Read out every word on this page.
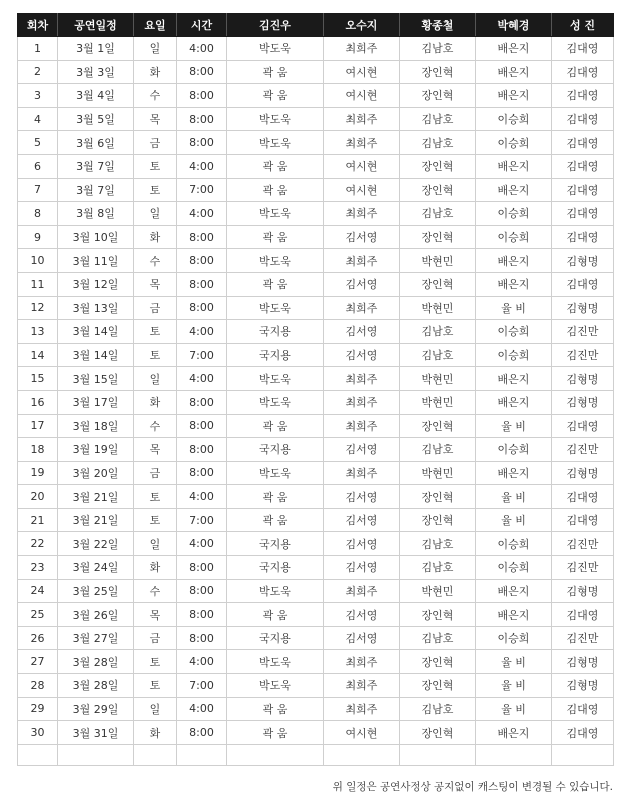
회차	공연일정	요일	시간	김진우	오수지	황종철	박혜경	성 진
1	3월 1일	일	4:00	박도욱	최희주	김남호	배은지	김대영
2	3월 3일	화	8:00	곽 움	여시현	장인혁	배은지	김대영
3	3월 4일	수	8:00	곽 움	여시현	장인혁	배은지	김대영
4	3월 5일	목	8:00	박도욱	최희주	김남호	이승희	김대영
5	3월 6일	금	8:00	박도욱	최희주	김남호	이승희	김대영
6	3월 7일	토	4:00	곽 움	여시현	장인혁	배은지	김대영
7	3월 7일	토	7:00	곽 움	여시현	장인혁	배은지	김대영
8	3월 8일	일	4:00	박도욱	최희주	김남호	이승희	김대영
9	3월 10일	화	8:00	곽 움	김서영	장인혁	이승희	김대영
10	3월 11일	수	8:00	박도욱	최희주	박현민	배은지	김형명
11	3월 12일	목	8:00	곽 움	김서영	장인혁	배은지	김대영
12	3월 13일	금	8:00	박도욱	최희주	박현민	율 비	김형명
13	3월 14일	토	4:00	국지용	김서영	김남호	이승희	김진만
14	3월 14일	토	7:00	국지용	김서영	김남호	이승희	김진만
15	3월 15일	일	4:00	박도욱	최희주	박현민	배은지	김형명
16	3월 17일	화	8:00	박도욱	최희주	박현민	배은지	김형명
17	3월 18일	수	8:00	곽 움	최희주	장인혁	율 비	김대영
18	3월 19일	목	8:00	국지용	김서영	김남호	이승희	김진만
19	3월 20일	금	8:00	박도욱	최희주	박현민	배은지	김형명
20	3월 21일	토	4:00	곽 움	김서영	장인혁	율 비	김대영
21	3월 21일	토	7:00	곽 움	김서영	장인혁	율 비	김대영
22	3월 22일	일	4:00	국지용	김서영	김남호	이승희	김진만
23	3월 24일	화	8:00	국지용	김서영	김남호	이승희	김진만
24	3월 25일	수	8:00	박도욱	최희주	박현민	배은지	김형명
25	3월 26일	목	8:00	곽 움	김서영	장인혁	배은지	김대영
26	3월 27일	금	8:00	국지용	김서영	김남호	이승희	김진만
27	3월 28일	토	4:00	박도욱	최희주	장인혁	율 비	김형명
28	3월 28일	토	7:00	박도욱	최희주	장인혁	율 비	김형명
29	3월 29일	일	4:00	곽 움	최희주	김남호	율 비	김대영
30	3월 31일	화	8:00	곽 움	여시현	장인혁	배은지	김대영

위 일정은 공연사정상 공지없이 캐스팅이 변경될 수 있습니다.
